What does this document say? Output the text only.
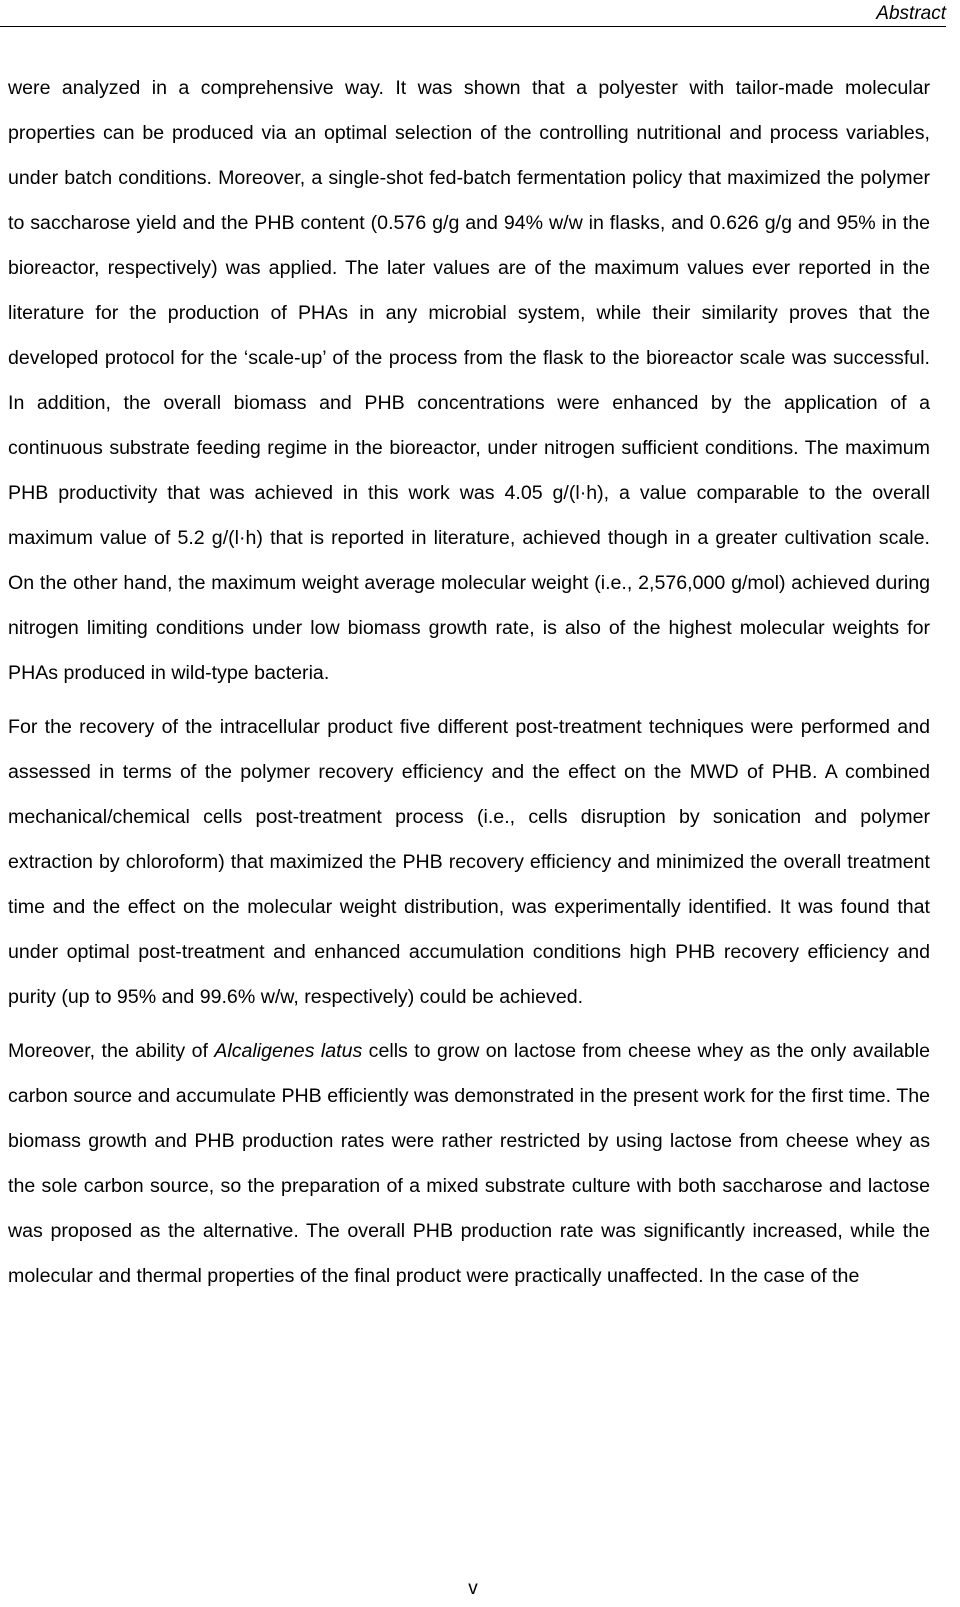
Abstract

were analyzed in a comprehensive way. It was shown that a polyester with tailor-made molecular properties can be produced via an optimal selection of the controlling nutritional and process variables, under batch conditions. Moreover, a single-shot fed-batch fermentation policy that maximized the polymer to saccharose yield and the PHB content (0.576 g/g and 94% w/w in flasks, and 0.626 g/g and 95% in the bioreactor, respectively) was applied. The later values are of the maximum values ever reported in the literature for the production of PHAs in any microbial system, while their similarity proves that the developed protocol for the ‘scale-up’ of the process from the flask to the bioreactor scale was successful. In addition, the overall biomass and PHB concentrations were enhanced by the application of a continuous substrate feeding regime in the bioreactor, under nitrogen sufficient conditions. The maximum PHB productivity that was achieved in this work was 4.05 g/(l·h), a value comparable to the overall maximum value of 5.2 g/(l·h) that is reported in literature, achieved though in a greater cultivation scale. On the other hand, the maximum weight average molecular weight (i.e., 2,576,000 g/mol) achieved during nitrogen limiting conditions under low biomass growth rate, is also of the highest molecular weights for PHAs produced in wild-type bacteria.

For the recovery of the intracellular product five different post-treatment techniques were performed and assessed in terms of the polymer recovery efficiency and the effect on the MWD of PHB. A combined mechanical/chemical cells post-treatment process (i.e., cells disruption by sonication and polymer extraction by chloroform) that maximized the PHB recovery efficiency and minimized the overall treatment time and the effect on the molecular weight distribution, was experimentally identified. It was found that under optimal post-treatment and enhanced accumulation conditions high PHB recovery efficiency and purity (up to 95% and 99.6% w/w, respectively) could be achieved.

Moreover, the ability of Alcaligenes latus cells to grow on lactose from cheese whey as the only available carbon source and accumulate PHB efficiently was demonstrated in the present work for the first time. The biomass growth and PHB production rates were rather restricted by using lactose from cheese whey as the sole carbon source, so the preparation of a mixed substrate culture with both saccharose and lactose was proposed as the alternative. The overall PHB production rate was significantly increased, while the molecular and thermal properties of the final product were practically unaffected. In the case of the

v
